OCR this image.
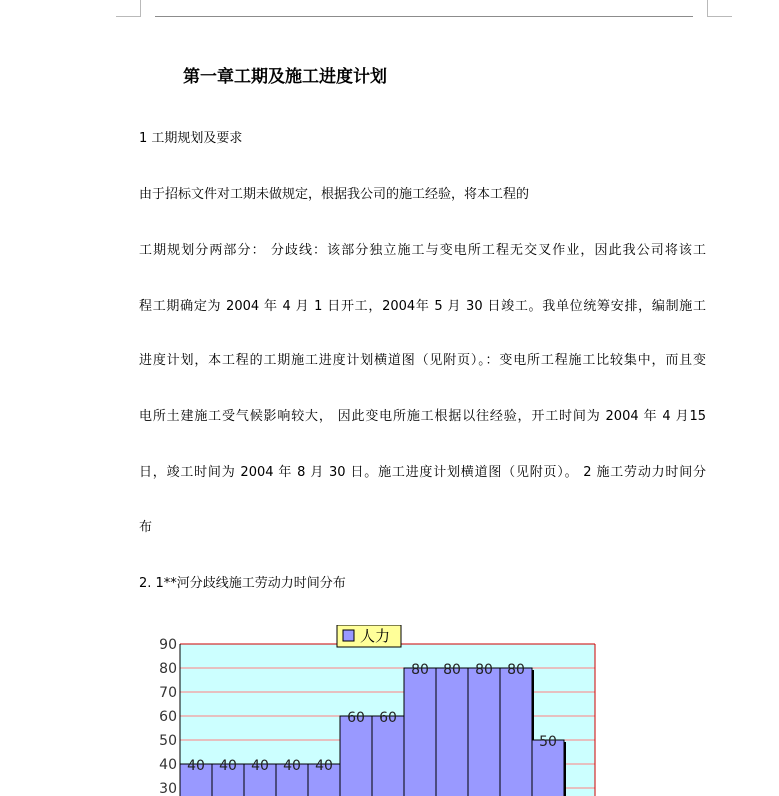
第一章工期及施工进度计划
1 工期规划及要求
由于招标文件对工期未做规定，根据我公司的施工经验，将本工程的
工期规划分两部分： 分歧线：该部分独立施工与变电所工程无交叉作业，因此我公司将该工
程工期确定为 2004 年 4 月 1 日开工，2004年 5 月 30 日竣工。我单位统筹安排，编制施工
进度计划，本工程的工期施工进度计划横道图（见附页）。：变电所工程施工比较集中，而且变
电所土建施工受气候影响较大， 因此变电所施工根据以往经验，开工时间为 2004 年 4 月15
日，竣工时间为 2004 年 8 月 30 日。施工进度计划横道图（见附页）。 2 施工劳动力时间分
布
2. 1**河分歧线施工劳动力时间分布
40 40 40 40 40
60 60
80 80 80 80
50
90
80
70
60
50
40
30
人力
